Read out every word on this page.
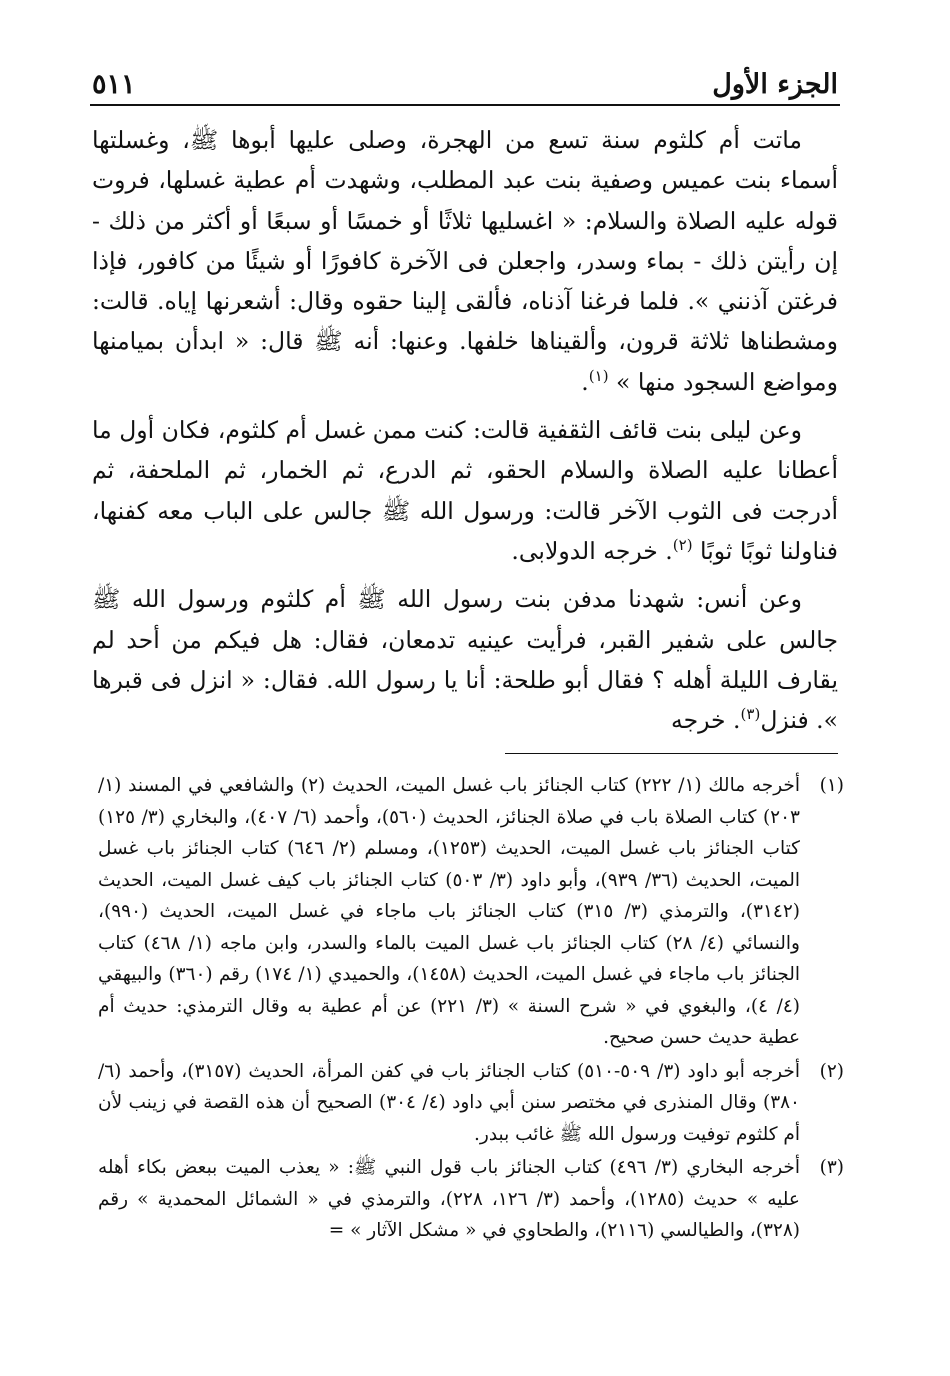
الجزء الأول
٥١١

ماتت أم كلثوم سنة تسع من الهجرة، وصلى عليها أبوها ﷺ، وغسلتها أسماء بنت عميس وصفية بنت عبد المطلب، وشهدت أم عطية غسلها، فروت قوله عليه الصلاة والسلام: « اغسليها ثلاثًا أو خمسًا أو سبعًا أو أكثر من ذلك - إن رأيتن ذلك - بماء وسدر، واجعلن فى الآخرة كافورًا أو شيئًا من كافور، فإذا فرغتن آذنني ». فلما فرغنا آذناه، فألقى إلينا حقوه وقال: أشعرنها إياه. قالت: ومشطناها ثلاثة قرون، وألقيناها خلفها. وعنها: أنه ﷺ قال: « ابدأن بميامنها ومواضع السجود منها » $^{(١)}$.

وعن ليلى بنت قائف الثقفية قالت: كنت ممن غسل أم كلثوم، فكان أول ما أعطانا عليه الصلاة والسلام الحقو، ثم الدرع، ثم الخمار، ثم الملحفة، ثم أدرجت فى الثوب الآخر قالت: ورسول الله ﷺ جالس على الباب معه كفنها، فناولنا ثوبًا ثوبًا $^{(٢)}$. خرجه الدولابى.

وعن أنس: شهدنا مدفن بنت رسول الله ﷺ أم كلثوم ورسول الله ﷺ جالس على شفير القبر، فرأيت عينيه تدمعان، فقال: هل فيكم من أحد لم يقارف الليلة أهله ؟ فقال أبو طلحة: أنا يا رسول الله. فقال: « انزل فى قبرها ». فنزل$^{(٣)}$. خرجه

(١)
أخرجه مالك (١/ ٢٢٢) كتاب الجنائز باب غسل الميت، الحديث (٢) والشافعي في المسند (١/ ٢٠٣) كتاب الصلاة باب في صلاة الجنائز، الحديث (٥٦٠)، وأحمد (٦/ ٤٠٧)، والبخاري (٣/ ١٢٥) كتاب الجنائز باب غسل الميت، الحديث (١٢٥٣)، ومسلم (٢/ ٦٤٦) كتاب الجنائز باب غسل الميت، الحديث (٣٦/ ٩٣٩)، وأبو داود (٣/ ٥٠٣) كتاب الجنائز باب كيف غسل الميت، الحديث (٣١٤٢)، والترمذي (٣/ ٣١٥) كتاب الجنائز باب ماجاء في غسل الميت، الحديث (٩٩٠)، والنسائي (٤/ ٢٨) كتاب الجنائز باب غسل الميت بالماء والسدر، وابن ماجه (١/ ٤٦٨) كتاب الجنائز باب ماجاء في غسل الميت، الحديث (١٤٥٨)، والحميدي (١/ ١٧٤) رقم (٣٦٠) والبيهقي (٤/ ٤)، والبغوي في « شرح السنة » (٣/ ٢٢١) عن أم عطية به وقال الترمذي: حديث أم عطية حديث حسن صحيح.
(٢)
أخرجه أبو داود (٣/ ٥٠٩-٥١٠) كتاب الجنائز باب في كفن المرأة، الحديث (٣١٥٧)، وأحمد (٦/ ٣٨٠) وقال المنذرى في مختصر سنن أبي داود (٤/ ٣٠٤) الصحيح أن هذه القصة في زينب لأن أم كلثوم توفيت ورسول الله ﷺ غائب ببدر.
(٣)
أخرجه البخاري (٣/ ٤٩٦) كتاب الجنائز باب قول النبي ﷺ: « يعذب الميت ببعض بكاء أهله عليه » حديث (١٢٨٥)، وأحمد (٣/ ١٢٦، ٢٢٨)، والترمذي في « الشمائل المحمدية » رقم (٣٢٨)، والطيالسي (٢١١٦)، والطحاوي في « مشكل الآثار » =
